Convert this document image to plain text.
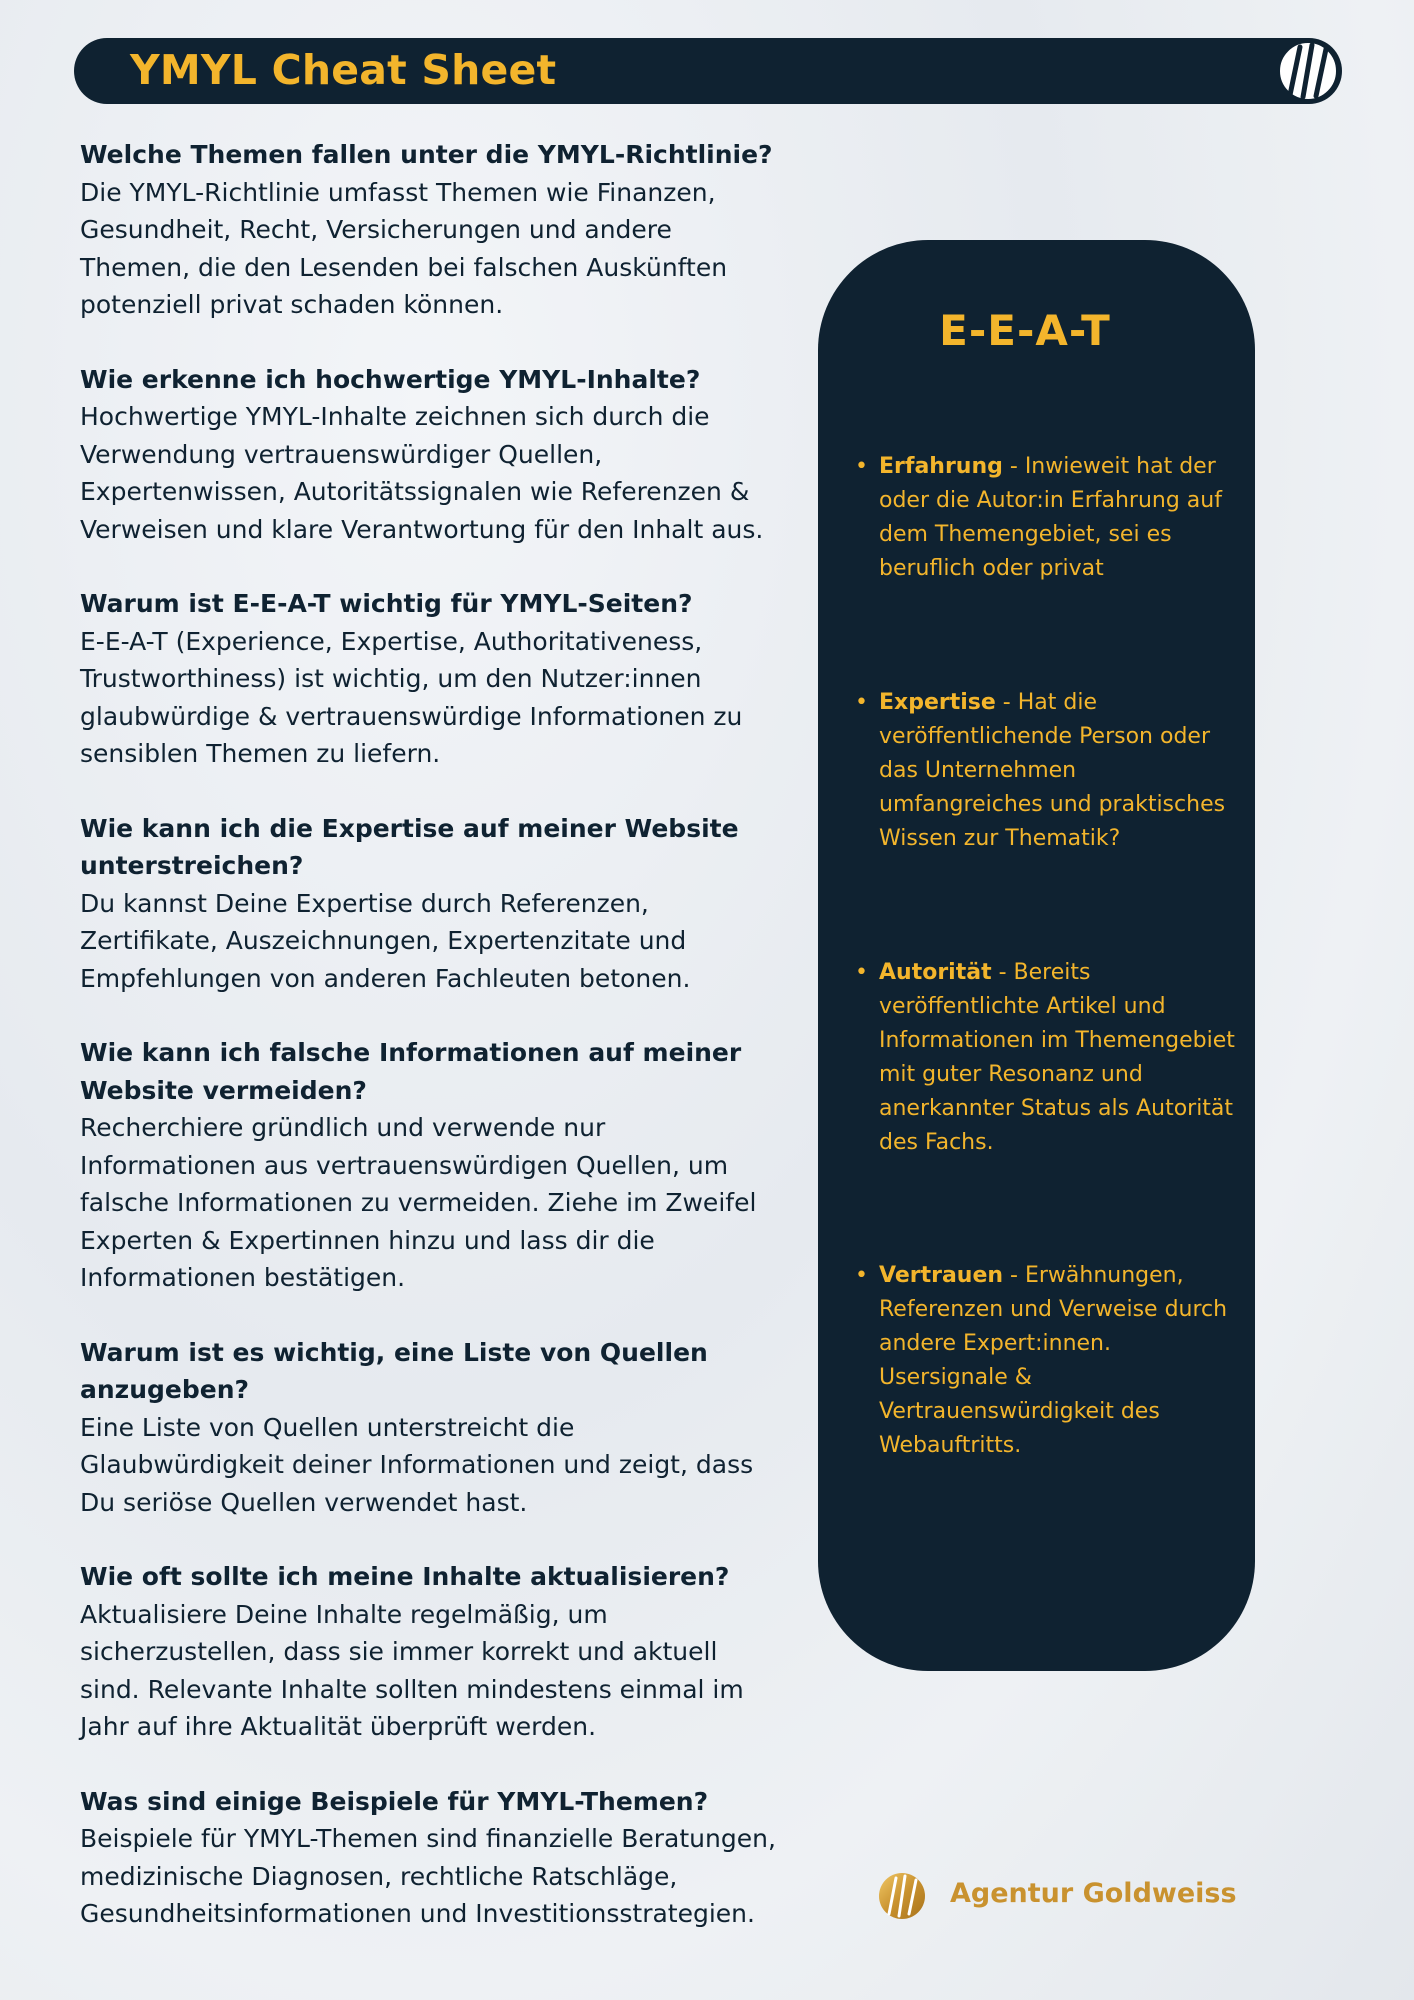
YMYL Cheat Sheet
Welche Themen fallen unter die YMYL-Richtlinie?
Die YMYL-Richtlinie umfasst Themen wie Finanzen, Gesundheit, Recht, Versicherungen und andere Themen, die den Lesenden bei falschen Auskünften potenziell privat schaden können.
Wie erkenne ich hochwertige YMYL-Inhalte?
Hochwertige YMYL-Inhalte zeichnen sich durch die Verwendung vertrauenswürdiger Quellen, Expertenwissen, Autoritätssignalen wie Referenzen & Verweisen und klare Verantwortung für den Inhalt aus.
Warum ist E-E-A-T wichtig für YMYL-Seiten?
E-E-A-T (Experience, Expertise, Authoritativeness, Trustworthiness) ist wichtig, um den Nutzer:innen glaubwürdige & vertrauenswürdige Informationen zu sensiblen Themen zu liefern.
Wie kann ich die Expertise auf meiner Website unterstreichen?
Du kannst Deine Expertise durch Referenzen, Zertifikate, Auszeichnungen, Expertenzitate und Empfehlungen von anderen Fachleuten betonen.
Wie kann ich falsche Informationen auf meiner Website vermeiden?
Recherchiere gründlich und verwende nur Informationen aus vertrauenswürdigen Quellen, um falsche Informationen zu vermeiden. Ziehe im Zweifel Experten & Expertinnen hinzu und lass dir die Informationen bestätigen.
Warum ist es wichtig, eine Liste von Quellen anzugeben?
Eine Liste von Quellen unterstreicht die Glaubwürdigkeit deiner Informationen und zeigt, dass Du seriöse Quellen verwendet hast.
Wie oft sollte ich meine Inhalte aktualisieren?
Aktualisiere Deine Inhalte regelmäßig, um sicherzustellen, dass sie immer korrekt und aktuell sind. Relevante Inhalte sollten mindestens einmal im Jahr auf ihre Aktualität überprüft werden.
Was sind einige Beispiele für YMYL-Themen?
Beispiele für YMYL-Themen sind finanzielle Beratungen, medizinische Diagnosen, rechtliche Ratschläge, Gesundheitsinformationen und Investitionsstrategien.
E-E-A-T
• Erfahrung - Inwieweit hat der oder die Autor:in Erfahrung auf dem Themengebiet, sei es beruflich oder privat
• Expertise - Hat die veröffentlichende Person oder das Unternehmen umfangreiches und praktisches Wissen zur Thematik?
• Autorität - Bereits veröffentlichte Artikel und Informationen im Themengebiet mit guter Resonanz und anerkannter Status als Autorität des Fachs.
• Vertrauen - Erwähnungen, Referenzen und Verweise durch andere Expert:innen. Usersignale & Vertrauenswürdigkeit des Webauftritts.
Agentur Goldweiss
